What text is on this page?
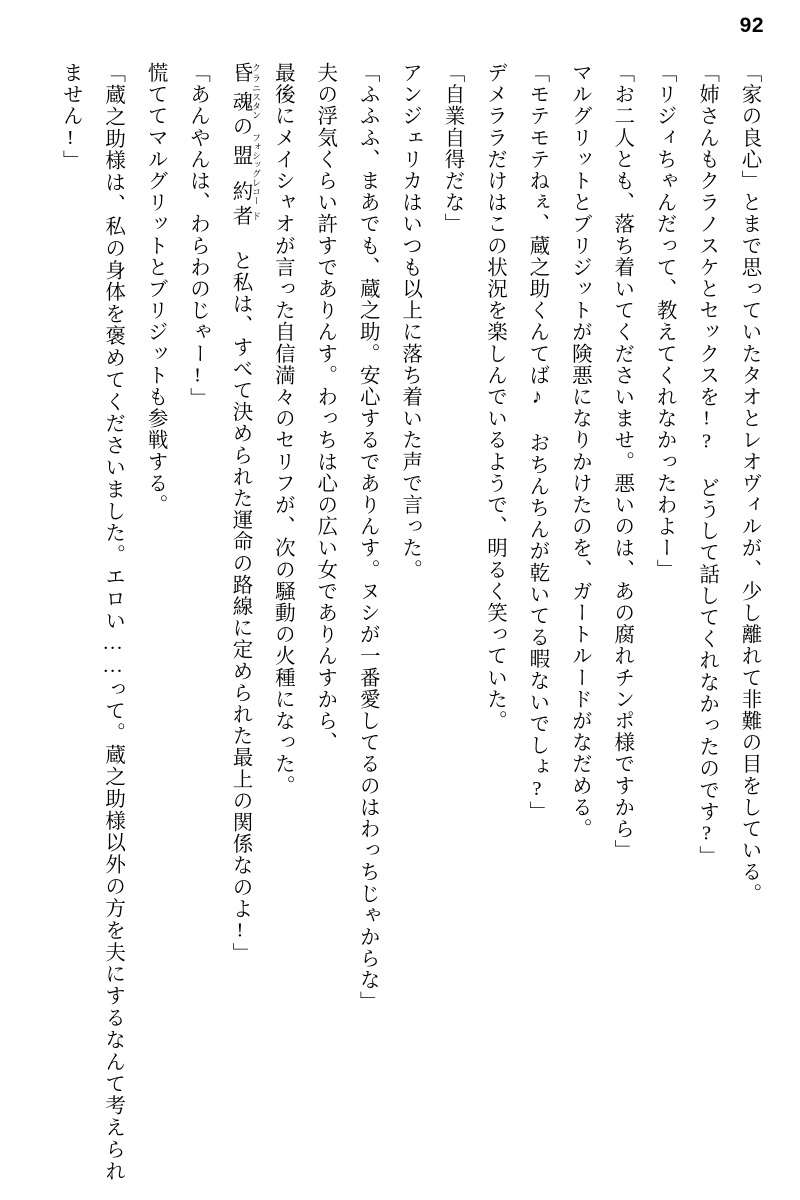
92

「家の良心」とまで思っていたタオとレオヴィルが、少し離れて非難の目をしている。

「姉さんもクラノスケとセックスを!? どうして話してくれなかったのです?」

「リジィちゃんだって、教えてくれなかったわよー」

「お二人とも、落ち着いてくださいませ。悪いのは、あの腐れチンポ様ですから」

マルグリットとブリジットが険悪になりかけたのを、ガートルードがなだめる。

「モテモテねぇ、蔵之助くんてば♪ おちんちんが乾いてる暇ないでしょ?」

デメララだけはこの状況を楽しんでいるようで、明るく笑っていた。

「自業自得だな」

アンジェリカはいつも以上に落ち着いた声で言った。

「ふふふ、まあでも、蔵之助。安心するでありんす。ヌシが一番愛してるのはわっちじゃからな」

夫の浮気くらい許すでありんす。わっちは心の広い女でありんすから、

最後にメイシャオが言った自信満々のセリフが、次の騒動の火種になった。

昏 クラ魂 ニスタンの盟 フォシッグ約 レコー者 ド と私は、すべて決められた運命の路線に定められた最上の関係なのよ!」

「あんやんは、わらわのじゃー!」

慌ててマルグリットとブリジットも参戦する。

「蔵之助様は、私の身体を褒めてくださいました。エロい……って。蔵之助様以外の方を夫にするなんて考えられません!」
